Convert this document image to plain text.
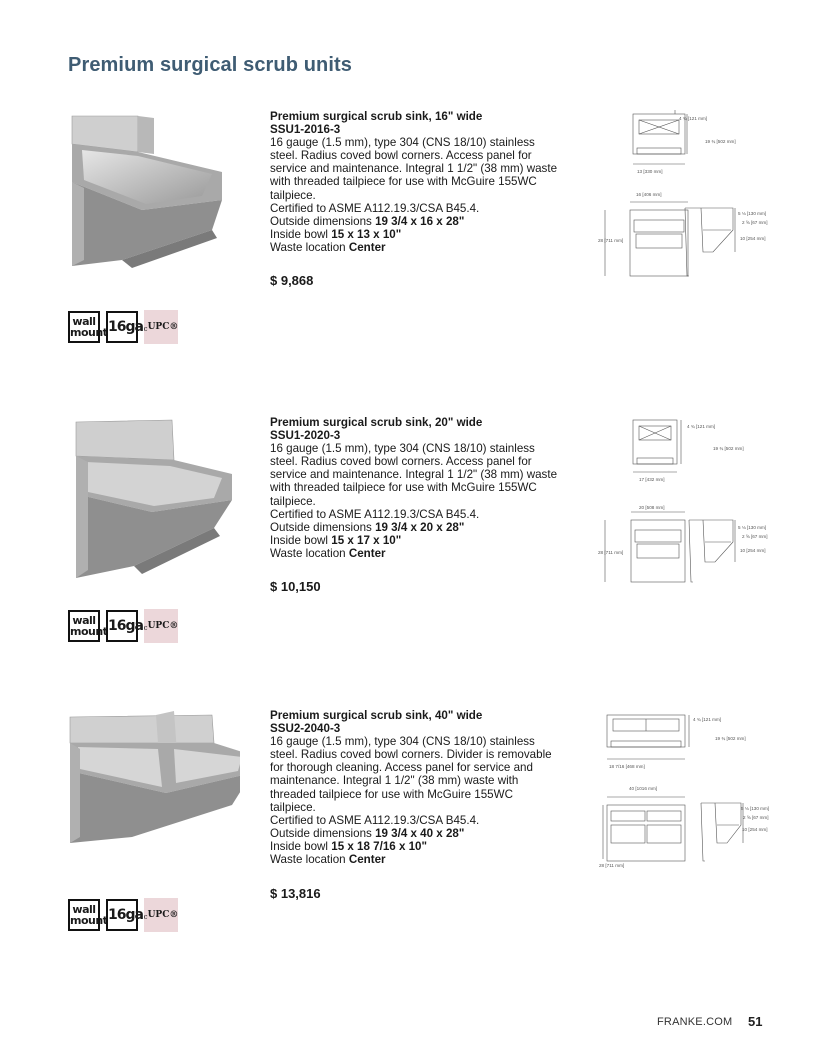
Premium surgical scrub units
Premium surgical scrub sink, 16" wide
SSU1-2016-3
16 gauge (1.5 mm), type 304 (CNS 18/10) stainless
steel. Radius coved bowl corners. Access panel for
service and maintenance. Integral 1 1/2" (38 mm) waste
with threaded tailpiece for use with McGuire 155WC
tailpiece.
Certified to ASME A112.19.3/CSA B45.4.
Outside dimensions 19 3/4 x 16 x 28"
Inside bowl 15 x 13 x 10"
Waste location Center
$ 9,868
wall
mount 16ga c UPC®
4 ¾ [121 mm]
19 ¾ [502 mm]
13 [330 mm]
16 [406 mm]
28 [711 mm]
5 ⅛ [130 mm]
2 ⅝ [67 mm]
10 [254 mm]
Premium surgical scrub sink, 20" wide
SSU1-2020-3
16 gauge (1.5 mm), type 304 (CNS 18/10) stainless
steel. Radius coved bowl corners. Access panel for
service and maintenance. Integral 1 1/2" (38 mm) waste
with threaded tailpiece for use with McGuire 155WC
tailpiece.
Certified to ASME A112.19.3/CSA B45.4.
Outside dimensions 19 3/4 x 20 x 28"
Inside bowl 15 x 17 x 10"
Waste location Center
$ 10,150
wall
mount 16ga c UPC®
4 ¾ [121 mm]
19 ¾ [502 mm]
17 [432 mm]
20 [508 mm]
28 [711 mm]
5 ⅛ [130 mm]
2 ⅝ [67 mm]
10 [254 mm]
Premium surgical scrub sink, 40" wide
SSU2-2040-3
16 gauge (1.5 mm), type 304 (CNS 18/10) stainless
steel. Radius coved bowl corners. Divider is removable
for thorough cleaning. Access panel for service and
maintenance. Integral 1 1/2" (38 mm) waste with
threaded tailpiece for use with McGuire 155WC
tailpiece.
Certified to ASME A112.19.3/CSA B45.4.
Outside dimensions 19 3/4 x 40 x 28"
Inside bowl 15 x 18 7/16 x 10"
Waste location Center
$ 13,816
wall
mount 16ga c UPC®
4 ¾ [121 mm]
19 ¾ [502 mm]
18 7/16 [468 mm]
40 [1016 mm]
28 [711 mm]
5 ⅛ [130 mm]
2 ⅝ [67 mm]
10 [254 mm]
FRANKE.COM 51
